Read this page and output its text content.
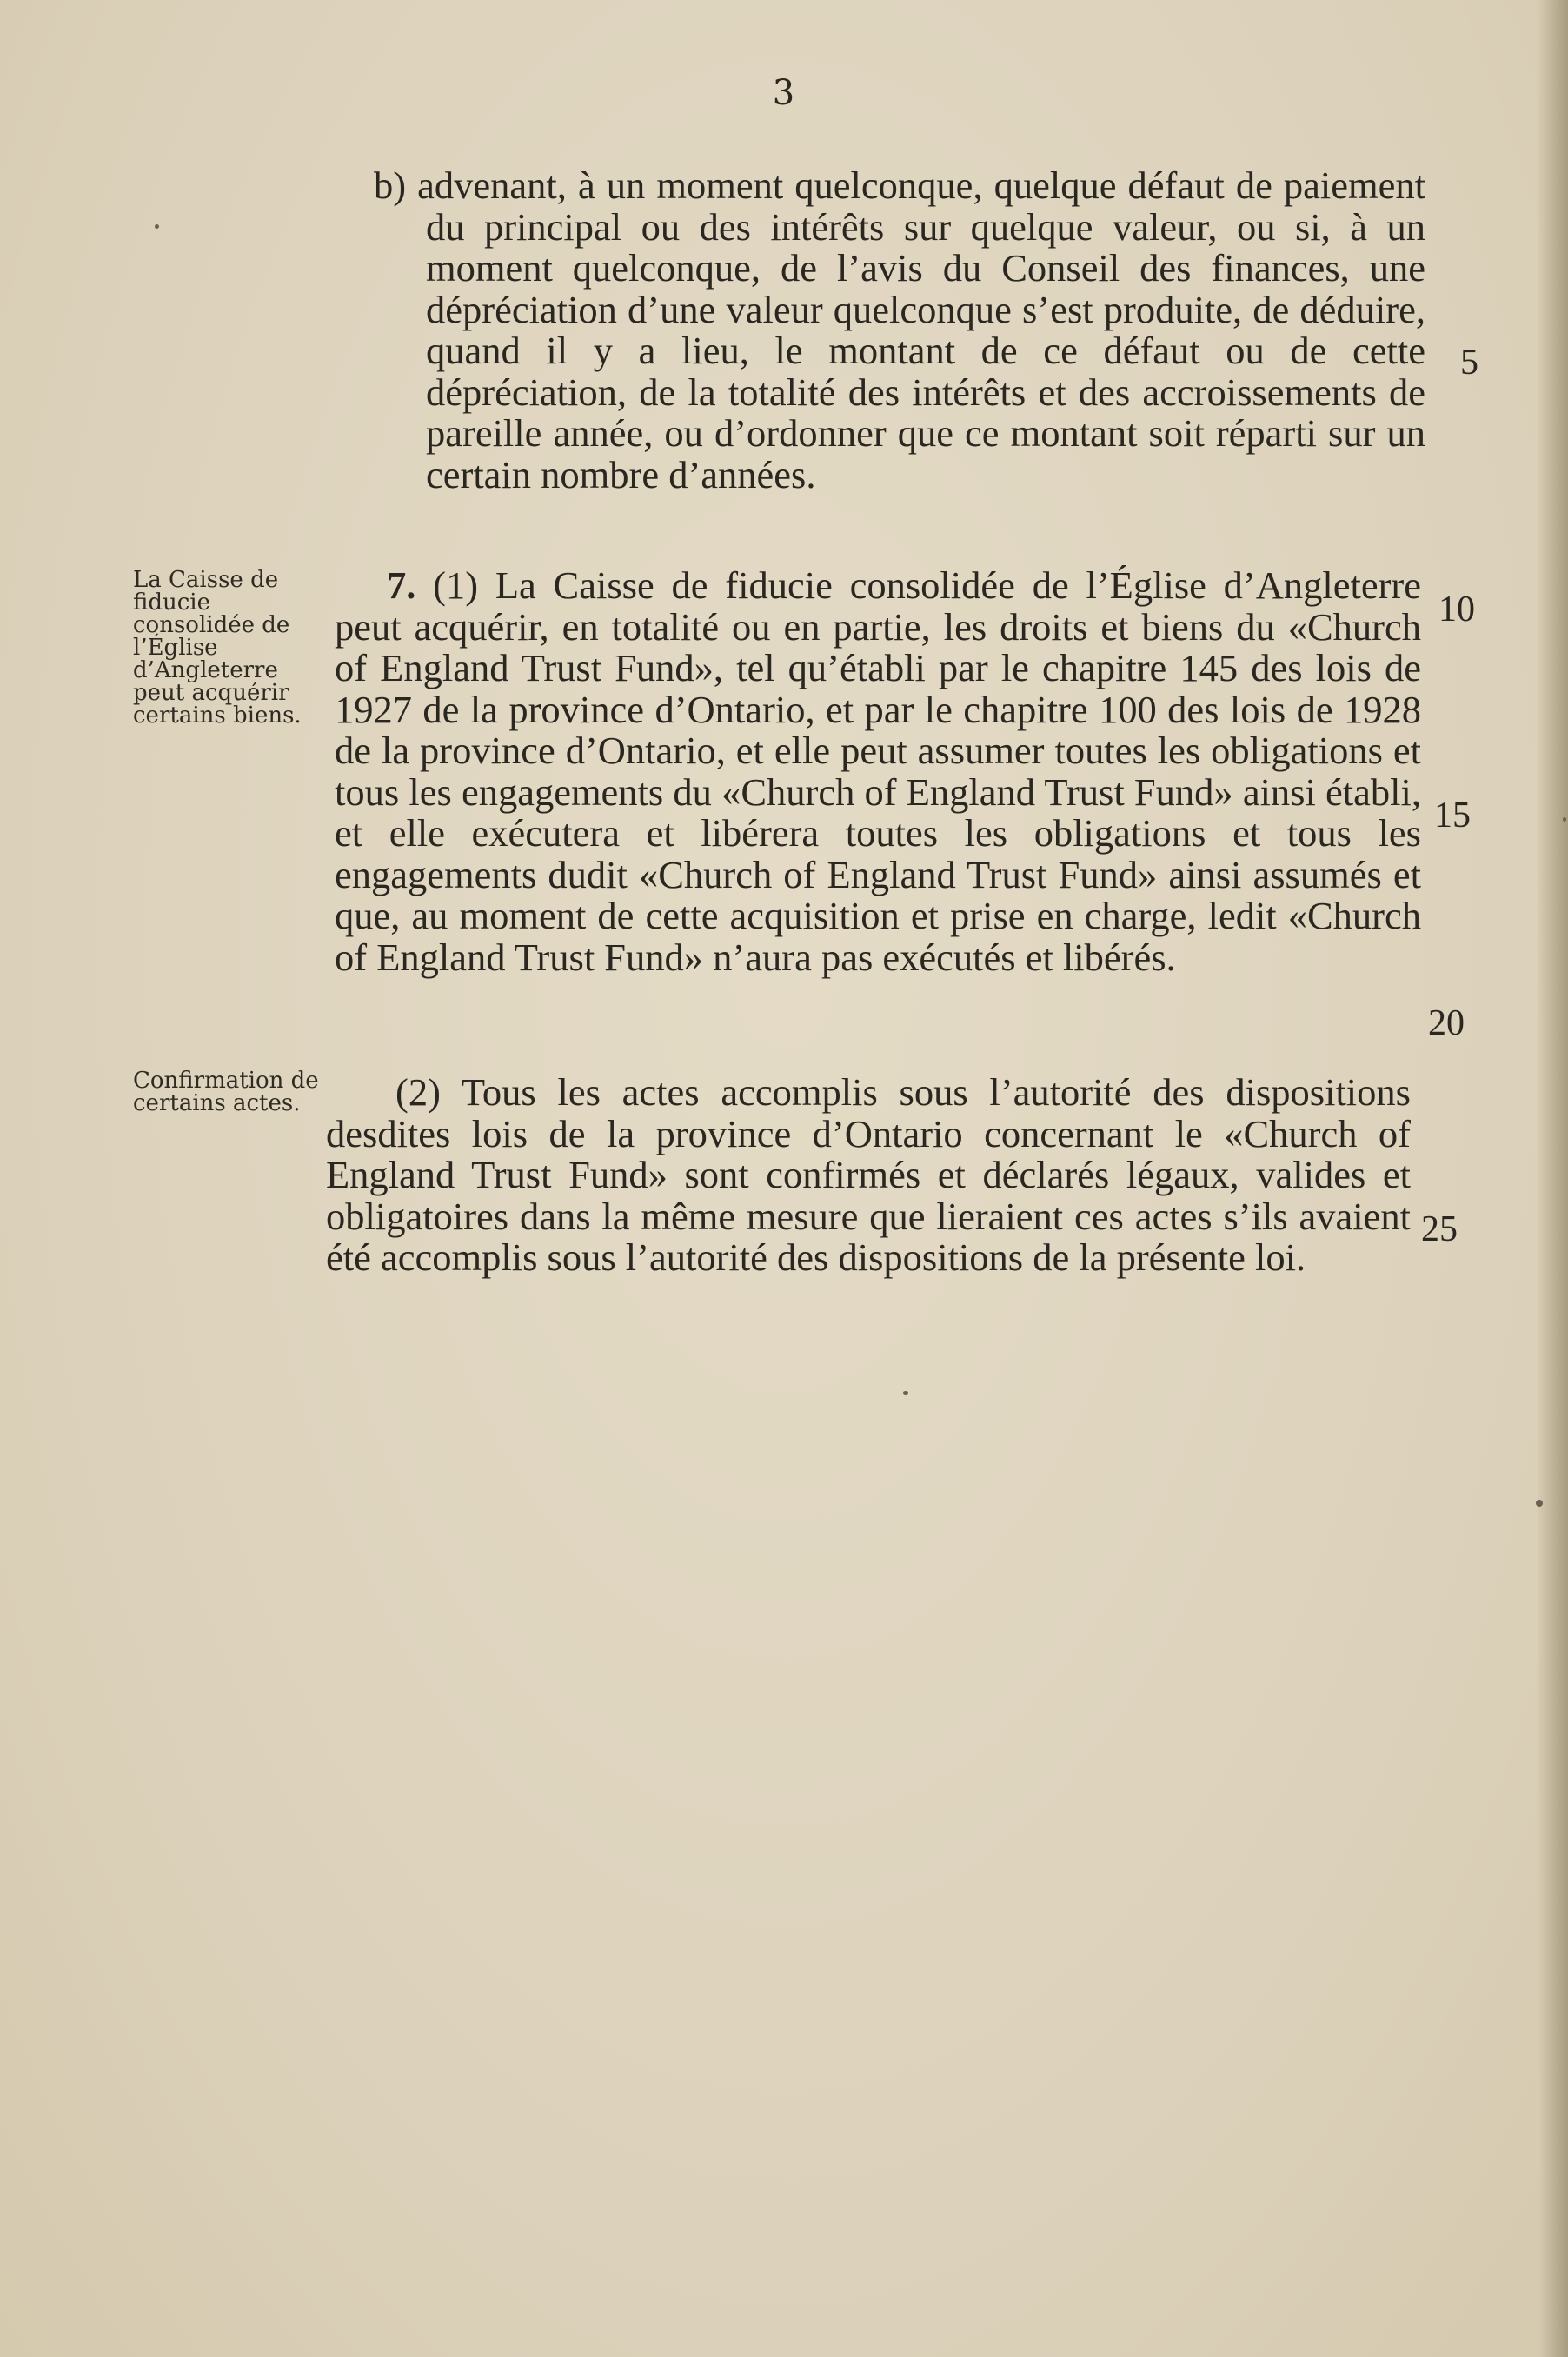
3

b) advenant, à un moment quelconque, quelque défaut de paiement du principal ou des intérêts sur quelque valeur, ou si, à un moment quelconque, de l’avis du Conseil des finances, une dépréciation d’une valeur quelconque s’est produite, de déduire, quand il y a lieu, le montant de ce défaut ou de cette dépréciation, de la totalité des intérêts et des accroissements de pareille année, ou d’ordonner que ce montant soit réparti sur un certain nombre d’années.

7. (1) La Caisse de fiducie consolidée de l’Église d’Angleterre peut acquérir, en totalité ou en partie, les droits et biens du «Church of England Trust Fund», tel qu’établi par le chapitre 145 des lois de 1927 de la province d’Ontario, et par le chapitre 100 des lois de 1928 de la province d’Ontario, et elle peut assumer toutes les obligations et tous les engagements du «Church of England Trust Fund» ainsi établi, et elle exécutera et libérera toutes les obligations et tous les engagements dudit «Church of England Trust Fund» ainsi assumés et que, au moment de cette acquisition et prise en charge, ledit «Church of England Trust Fund» n’aura pas exécutés et libérés.

(2) Tous les actes accomplis sous l’autorité des dispositions desdites lois de la province d’Ontario concernant le «Church of England Trust Fund» sont confirmés et déclarés légaux, valides et obligatoires dans la même mesure que lieraient ces actes s’ils avaient été accomplis sous l’autorité des dispositions de la présente loi.

La Caisse de fiducie consolidée de l’Église d’Angleterre peut acquérir certains biens.
Confirmation de certains actes.
5
10
15
20
25
